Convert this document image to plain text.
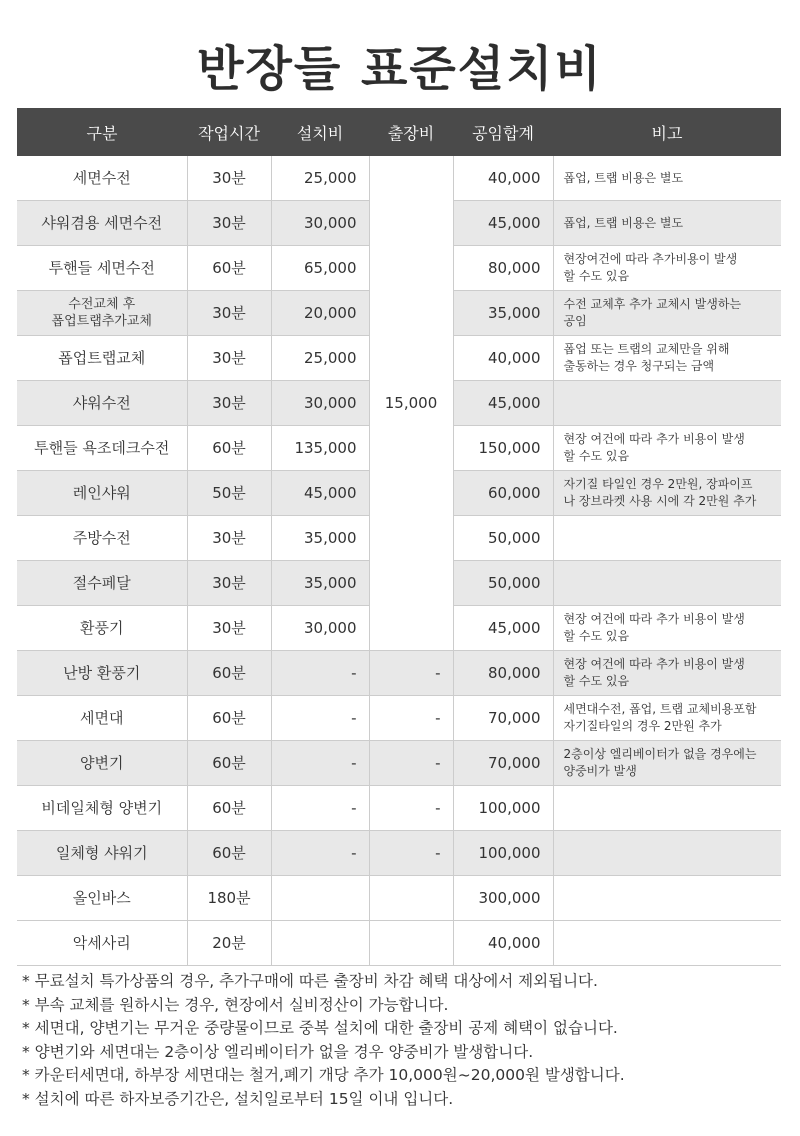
반장들 표준설치비
구분	작업시간	설치비	출장비	공임합계	비고
세면수전	30분	25,000	15,000	40,000	폽업, 트랩 비용은 별도
샤워겸용 세면수전	30분	30,000		45,000	폽업, 트랩 비용은 별도
투핸들 세면수전	60분	65,000		80,000	현장여건에 따라 추가비용이 발생
할 수도 있음
수전교체 후
폽업트랩추가교체	30분	20,000		35,000	수전 교체후 추가 교체시 발생하는
공임
폽업트랩교체	30분	25,000		40,000	폽업 또는 트랩의 교체만을 위해
출동하는 경우 청구되는 금액
샤워수전	30분	30,000		45,000	
투핸들 욕조데크수전	60분	135,000		150,000	현장 여건에 따라 추가 비용이 발생
할 수도 있음
레인샤워	50분	45,000		60,000	자기질 타일인 경우 2만원, 장파이프
나 장브라켓 사용 시에 각 2만원 추가
주방수전	30분	35,000		50,000	
절수페달	30분	35,000		50,000	
환풍기	30분	30,000		45,000	현장 여건에 따라 추가 비용이 발생
할 수도 있음
난방 환풍기	60분	-	-	80,000	현장 여건에 따라 추가 비용이 발생
할 수도 있음
세면대	60분	-	-	70,000	세면대수전, 폽업, 트랩 교체비용포함
자기질타일의 경우 2만원 추가
양변기	60분	-	-	70,000	2층이상 엘리베이터가 없을 경우에는
양중비가 발생
비데일체형 양변기	60분	-	-	100,000	
일체형 샤워기	60분	-	-	100,000	
올인바스	180분			300,000	
악세사리	20분			40,000	
* 무료설치 특가상품의 경우, 추가구매에 따른 출장비 차감 혜택 대상에서 제외됩니다.
* 부속 교체를 원하시는 경우, 현장에서 실비정산이 가능합니다.
* 세면대, 양변기는 무거운 중량물이므로 중복 설치에 대한 출장비 공제 혜택이 없습니다.
* 양변기와 세면대는 2층이상 엘리베이터가 없을 경우 양중비가 발생합니다.
* 카운터세면대, 하부장 세면대는 철거,폐기 개당 추가 10,000원~20,000원 발생합니다.
* 설치에 따른 하자보증기간은, 설치일로부터 15일 이내 입니다.
